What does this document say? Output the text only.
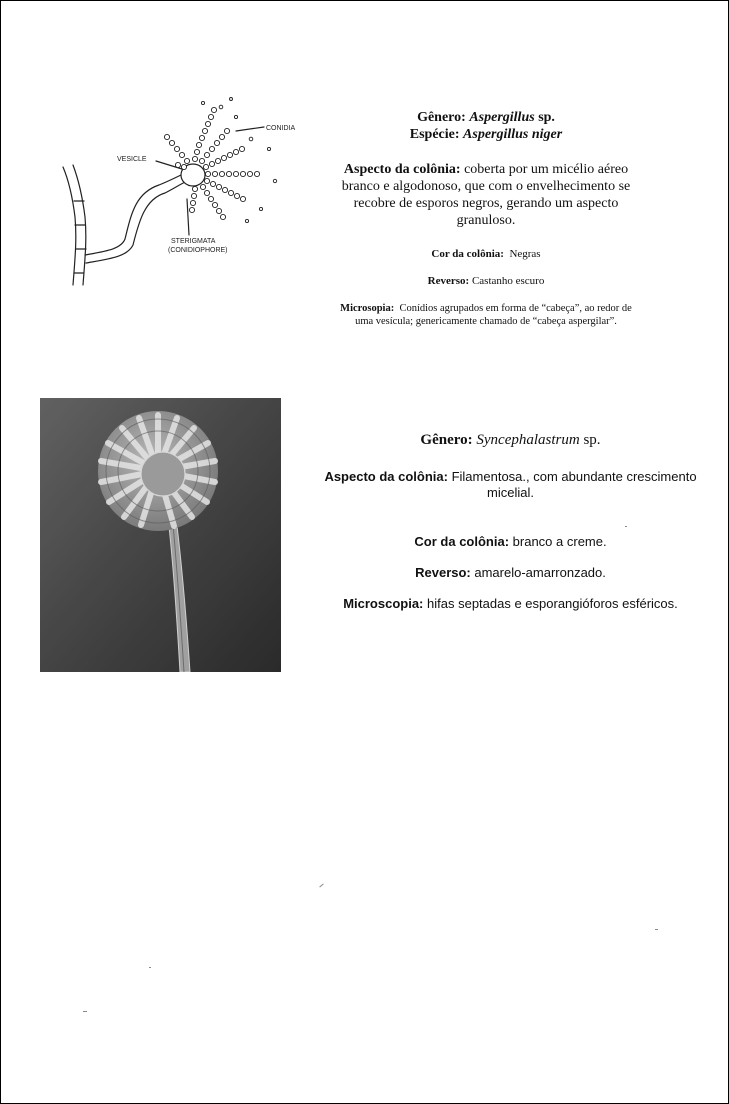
CONIDIA
VESICLE
STERIGMATA
(CONIDIOPHORE)
Gênero: Aspergillus sp.
Espécie: Aspergillus niger
Aspecto da colônia: coberta por um micélio aéreo branco e algodonoso, que com o envelhecimento se recobre de esporos negros, gerando um aspecto granuloso.
Cor da colônia: Negras
Reverso: Castanho escuro
Microsopia: Conídios agrupados em forma de “cabeça”, ao redor de uma vesícula; genericamente chamado de “cabeça aspergilar”.
Gênero: Syncephalastrum sp.
Aspecto da colônia: Filamentosa., com abundante crescimento micelial.
Cor da colônia: branco a creme.
Reverso: amarelo-amarronzado.
Microscopia: hifas septadas e esporangióforos esféricos.
